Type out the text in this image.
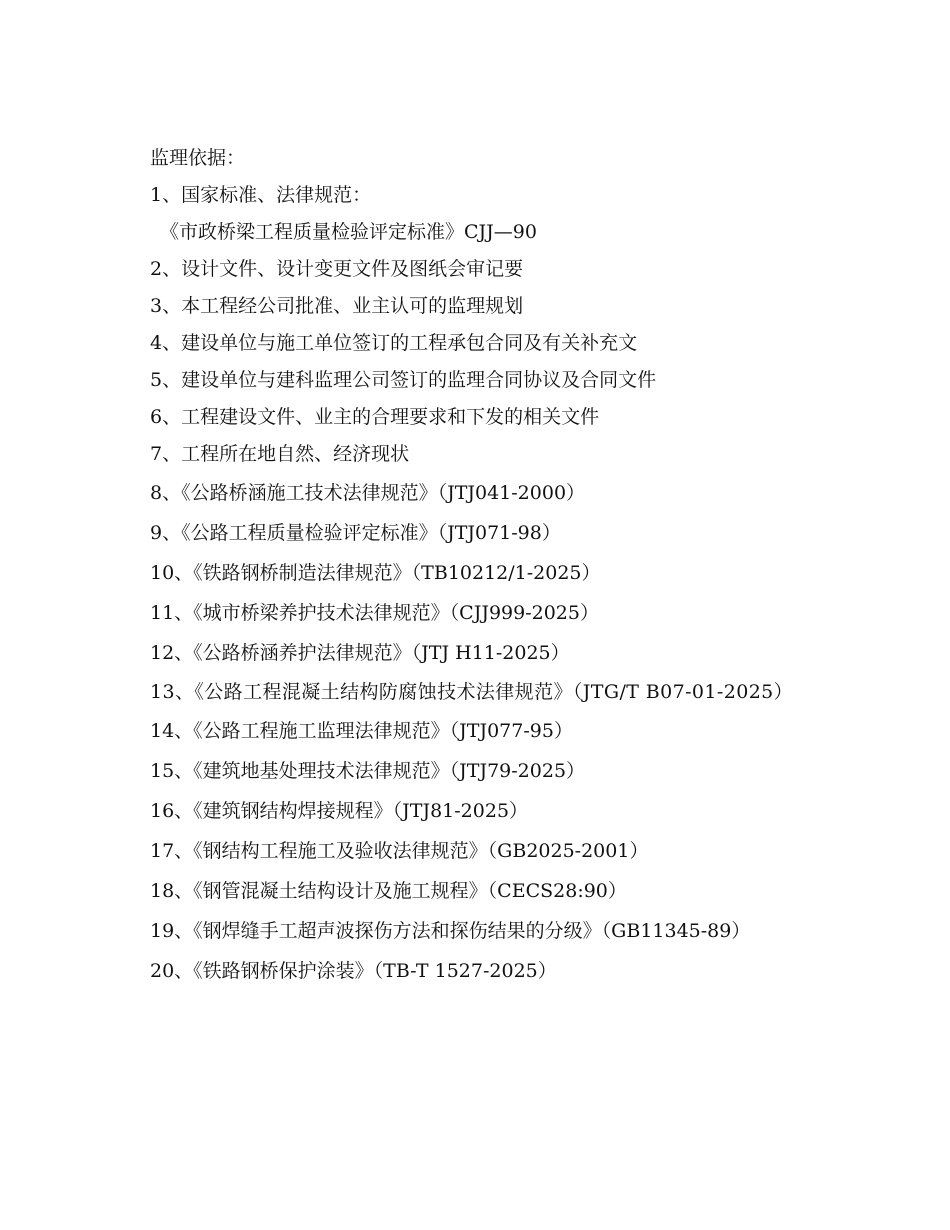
监理依据：
1、国家标准、法律规范：
《市政桥梁工程质量检验评定标准》CJJ—90
2、设计文件、设计变更文件及图纸会审记要
3、本工程经公司批准、业主认可的监理规划
4、建设单位与施工单位签订的工程承包合同及有关补充文
5、建设单位与建科监理公司签订的监理合同协议及合同文件
6、工程建设文件、业主的合理要求和下发的相关文件
7、工程所在地自然、经济现状
8、《公路桥涵施工技术法律规范》（JTJ041-2000）
9、《公路工程质量检验评定标准》（JTJ071-98）
10、《铁路钢桥制造法律规范》（TB10212/1-2025）
11、《城市桥梁养护技术法律规范》（CJJ999-2025）
12、《公路桥涵养护法律规范》（JTJ H11-2025）
13、《公路工程混凝土结构防腐蚀技术法律规范》（JTG/T B07-01-2025）
14、《公路工程施工监理法律规范》（JTJ077-95）
15、《建筑地基处理技术法律规范》（JTJ79-2025）
16、《建筑钢结构焊接规程》（JTJ81-2025）
17、《钢结构工程施工及验收法律规范》（GB2025-2001）
18、《钢管混凝土结构设计及施工规程》（CECS28:90）
19、《钢焊缝手工超声波探伤方法和探伤结果的分级》（GB11345-89）
20、《铁路钢桥保护涂装》（TB-T 1527-2025）
